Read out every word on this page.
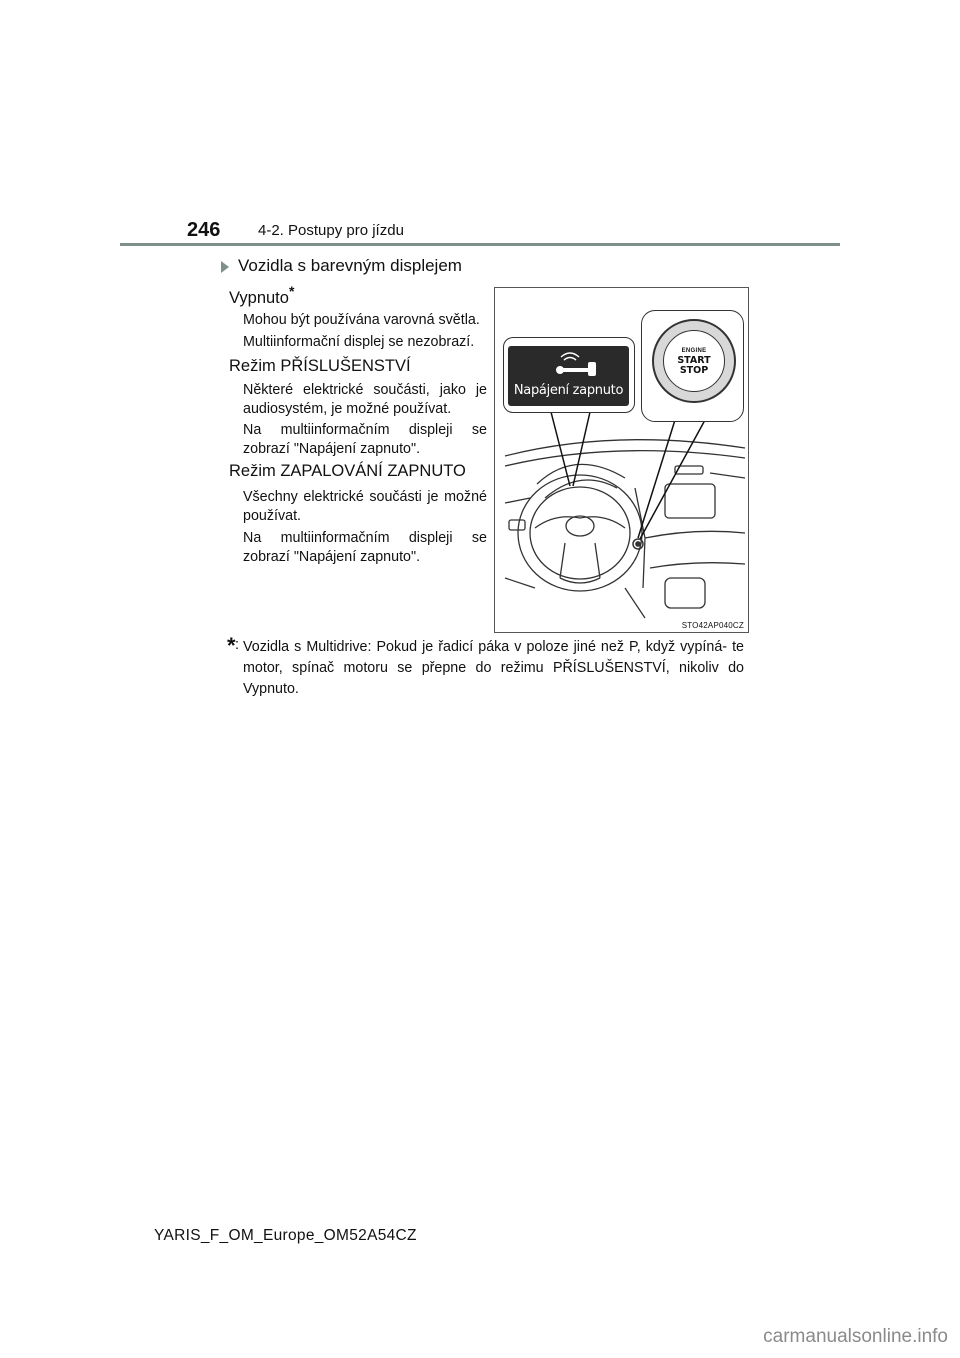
246	4-2. Postupy pro jízdu
Vozidla s barevným displejem
Vypnuto*
Mohou být používána varovná světla.
Multiinformační displej se nezobrazí.
Režim PŘÍSLUŠENSTVÍ
Některé elektrické součásti, jako je audiosystém, je možné používat.
Na multiinformačním displeji se zobrazí "Napájení zapnuto".
Režim ZAPALOVÁNÍ ZAPNUTO
Všechny elektrické součásti je možné používat.
Na multiinformačním displeji se zobrazí "Napájení zapnuto".
Napájení zapnuto
ENGINE
START
STOP
STO42AP040CZ
* : Vozidla s Multidrive: Pokud je řadicí páka v poloze jiné než P, když vypíná- te motor, spínač motoru se přepne do režimu PŘÍSLUŠENSTVÍ, nikoliv do Vypnuto.
YARIS_F_OM_Europe_OM52A54CZ
carmanualsonline.info
